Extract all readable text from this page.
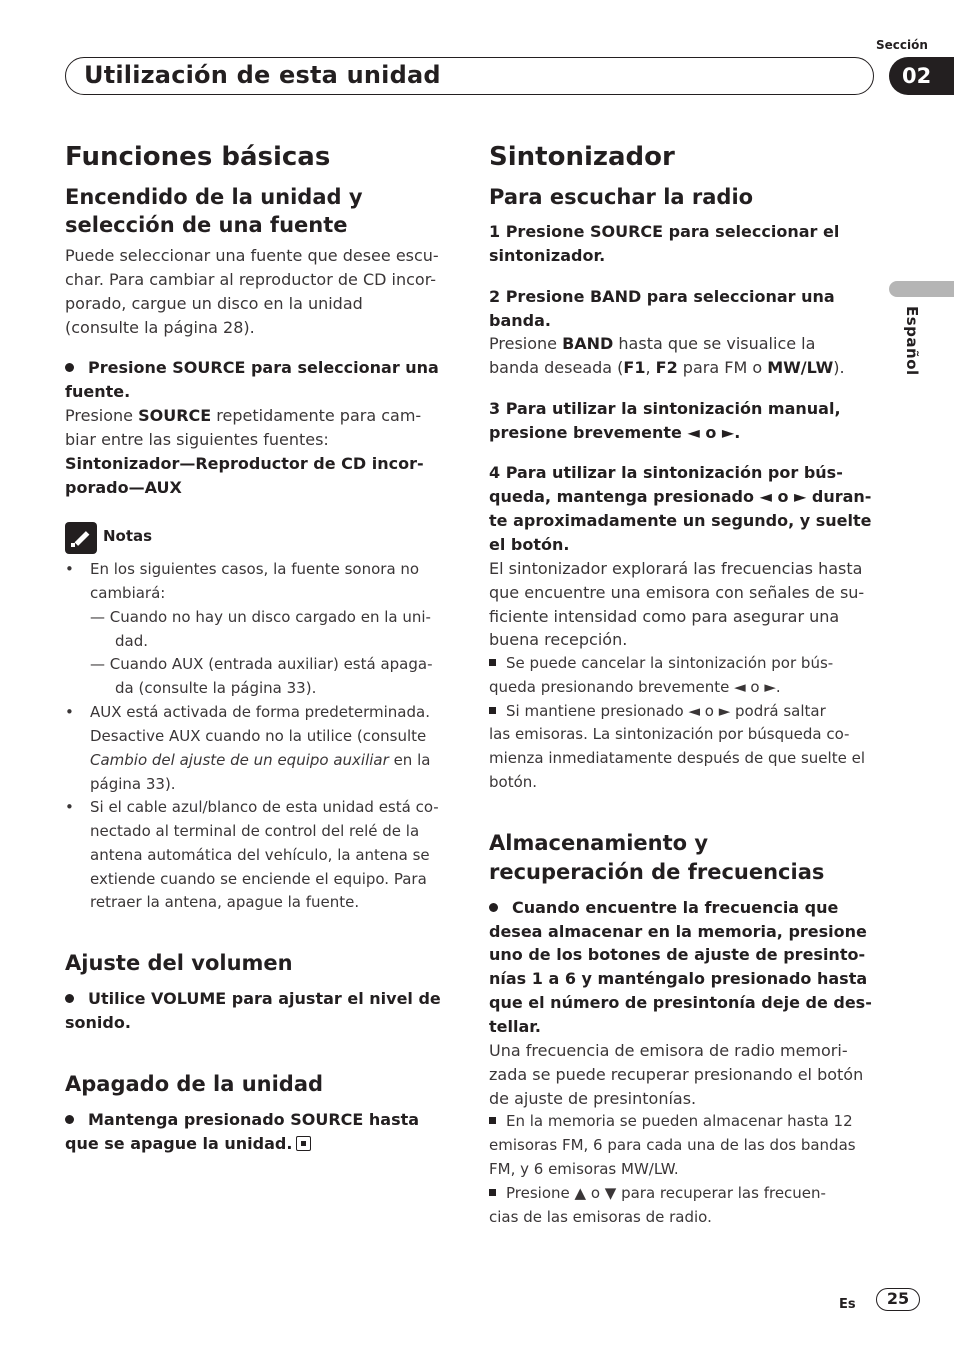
Utilización de esta unidad
Sección
02
Español
Funciones básicas
Encendido de la unidad y
selección de una fuente
Puede seleccionar una fuente que desee escu-
char. Para cambiar al reproductor de CD incor-
porado, cargue un disco en la unidad
(consulte la página 28).
Presione SOURCE para seleccionar una
fuente.
Presione SOURCE repetidamente para cam-
biar entre las siguientes fuentes:
Sintonizador—Reproductor de CD incor-
porado—AUX
Notas
• En los siguientes casos, la fuente sonora no
cambiará:
— Cuando no hay un disco cargado en la uni-
dad.
— Cuando AUX (entrada auxiliar) está apaga-
da (consulte la página 33).
• AUX está activada de forma predeterminada.
Desactive AUX cuando no la utilice (consulte
Cambio del ajuste de un equipo auxiliar en la
página 33).
• Si el cable azul/blanco de esta unidad está co-
nectado al terminal de control del relé de la
antena automática del vehículo, la antena se
extiende cuando se enciende el equipo. Para
retraer la antena, apague la fuente.
Ajuste del volumen
Utilice VOLUME para ajustar el nivel de
sonido.
Apagado de la unidad
Mantenga presionado SOURCE hasta
que se apague la unidad.
Sintonizador
Para escuchar la radio
1 Presione SOURCE para seleccionar el
sintonizador.
2 Presione BAND para seleccionar una
banda.
Presione BAND hasta que se visualice la
banda deseada (F1, F2 para FM o MW/LW).
3 Para utilizar la sintonización manual,
presione brevemente ◄ o ►.
4 Para utilizar la sintonización por bús-
queda, mantenga presionado ◄ o ► duran-
te aproximadamente un segundo, y suelte
el botón.
El sintonizador explorará las frecuencias hasta
que encuentre una emisora con señales de su-
ficiente intensidad como para asegurar una
buena recepción.
Se puede cancelar la sintonización por bús-
queda presionando brevemente ◄ o ►.
Si mantiene presionado ◄ o ► podrá saltar
las emisoras. La sintonización por búsqueda co-
mienza inmediatamente después de que suelte el
botón.
Almacenamiento y
recuperación de frecuencias
Cuando encuentre la frecuencia que
desea almacenar en la memoria, presione
uno de los botones de ajuste de presinto-
nías 1 a 6 y manténgalo presionado hasta
que el número de presintonía deje de des-
tellar.
Una frecuencia de emisora de radio memori-
zada se puede recuperar presionando el botón
de ajuste de presintonías.
En la memoria se pueden almacenar hasta 12
emisoras FM, 6 para cada una de las dos bandas
FM, y 6 emisoras MW/LW.
Presione ▲ o ▼ para recuperar las frecuen-
cias de las emisoras de radio.
Es	25
